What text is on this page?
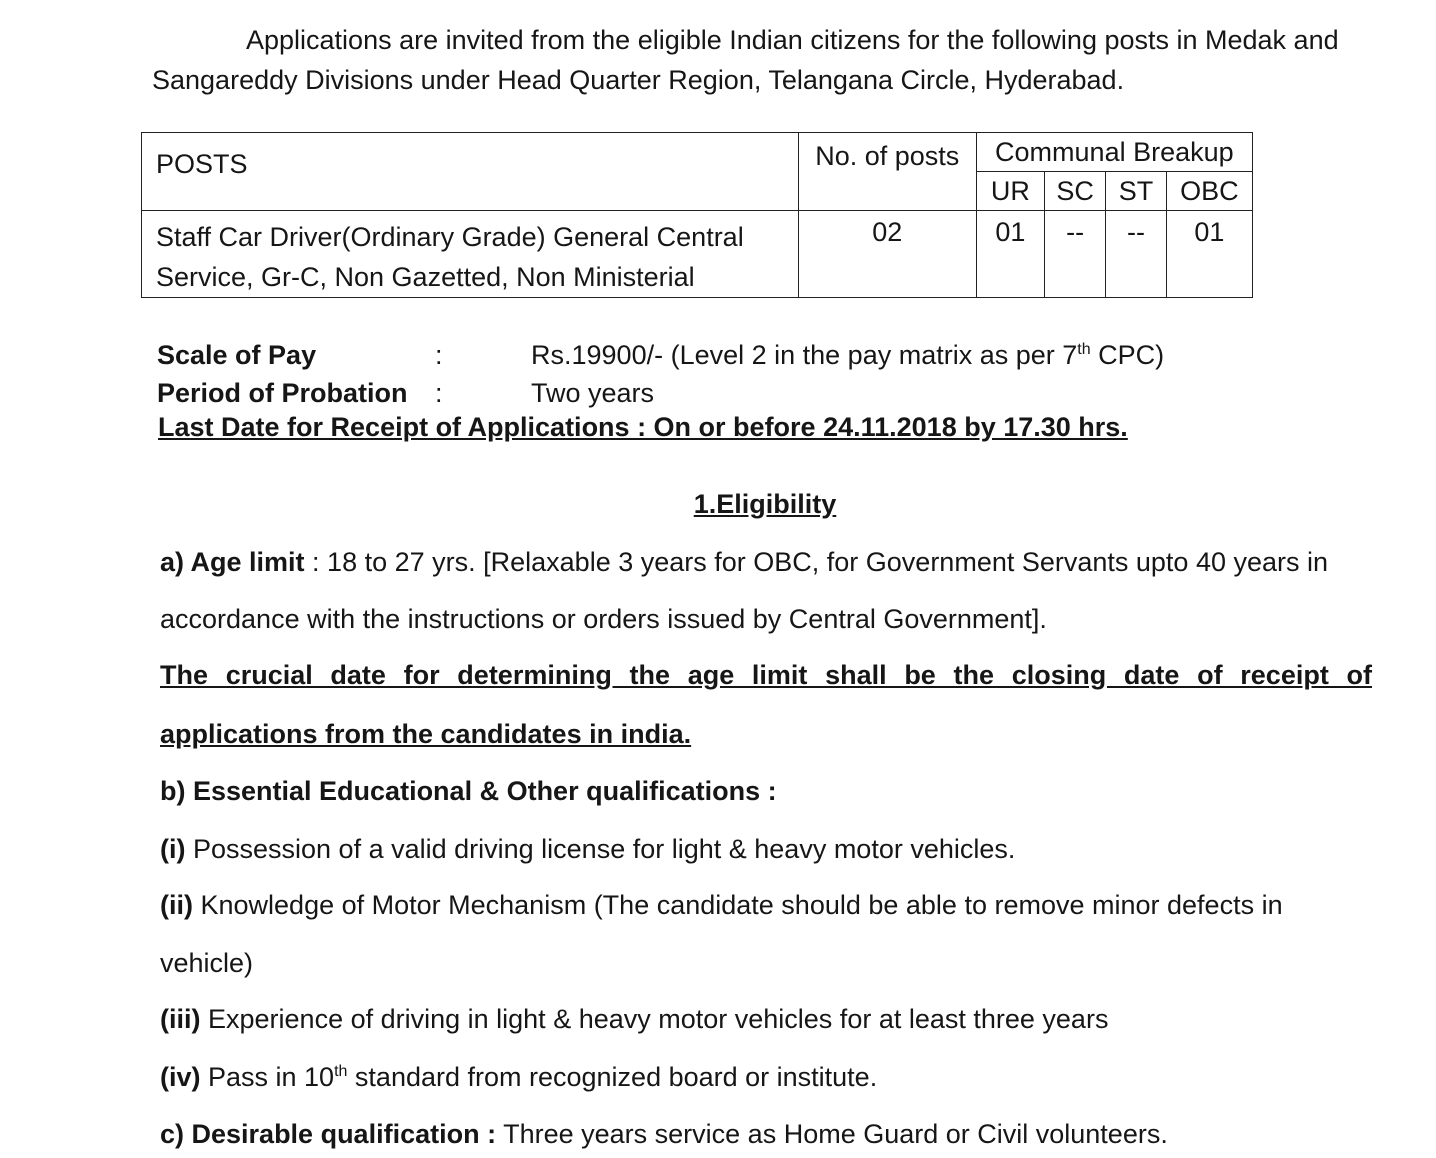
Applications are invited from the eligible Indian citizens for the following posts in Medak and Sangareddy Divisions under Head Quarter Region, Telangana Circle, Hyderabad.
POSTS	No. of posts	Communal Breakup			
		UR	SC	ST	OBC

Staff Car Driver(Ordinary Grade) General Central
Service, Gr-C, Non Gazetted, Non Ministerial	02	01	--	--	01
Scale of Pay	:	Rs.19900/- (Level 2 in the pay matrix as per 7th CPC)
Period of Probation :	Two years
Last Date for Receipt of Applications : On or before 24.11.2018 by 17.30 hrs.
1.Eligibility
a) Age limit : 18 to 27 yrs. [Relaxable 3 years for OBC, for Government Servants upto 40 years in
accordance with the instructions or orders issued by Central Government].
The crucial date for determining the age limit shall be the closing date of receipt of
applications from the candidates in india.
b) Essential Educational & Other qualifications :
(i) Possession of a valid driving license for light & heavy motor vehicles.
(ii) Knowledge of Motor Mechanism (The candidate should be able to remove minor defects in
vehicle)
(iii) Experience of driving in light & heavy motor vehicles for at least three years
(iv) Pass in 10th standard from recognized board or institute.
c) Desirable qualification : Three years service as Home Guard or Civil volunteers.
